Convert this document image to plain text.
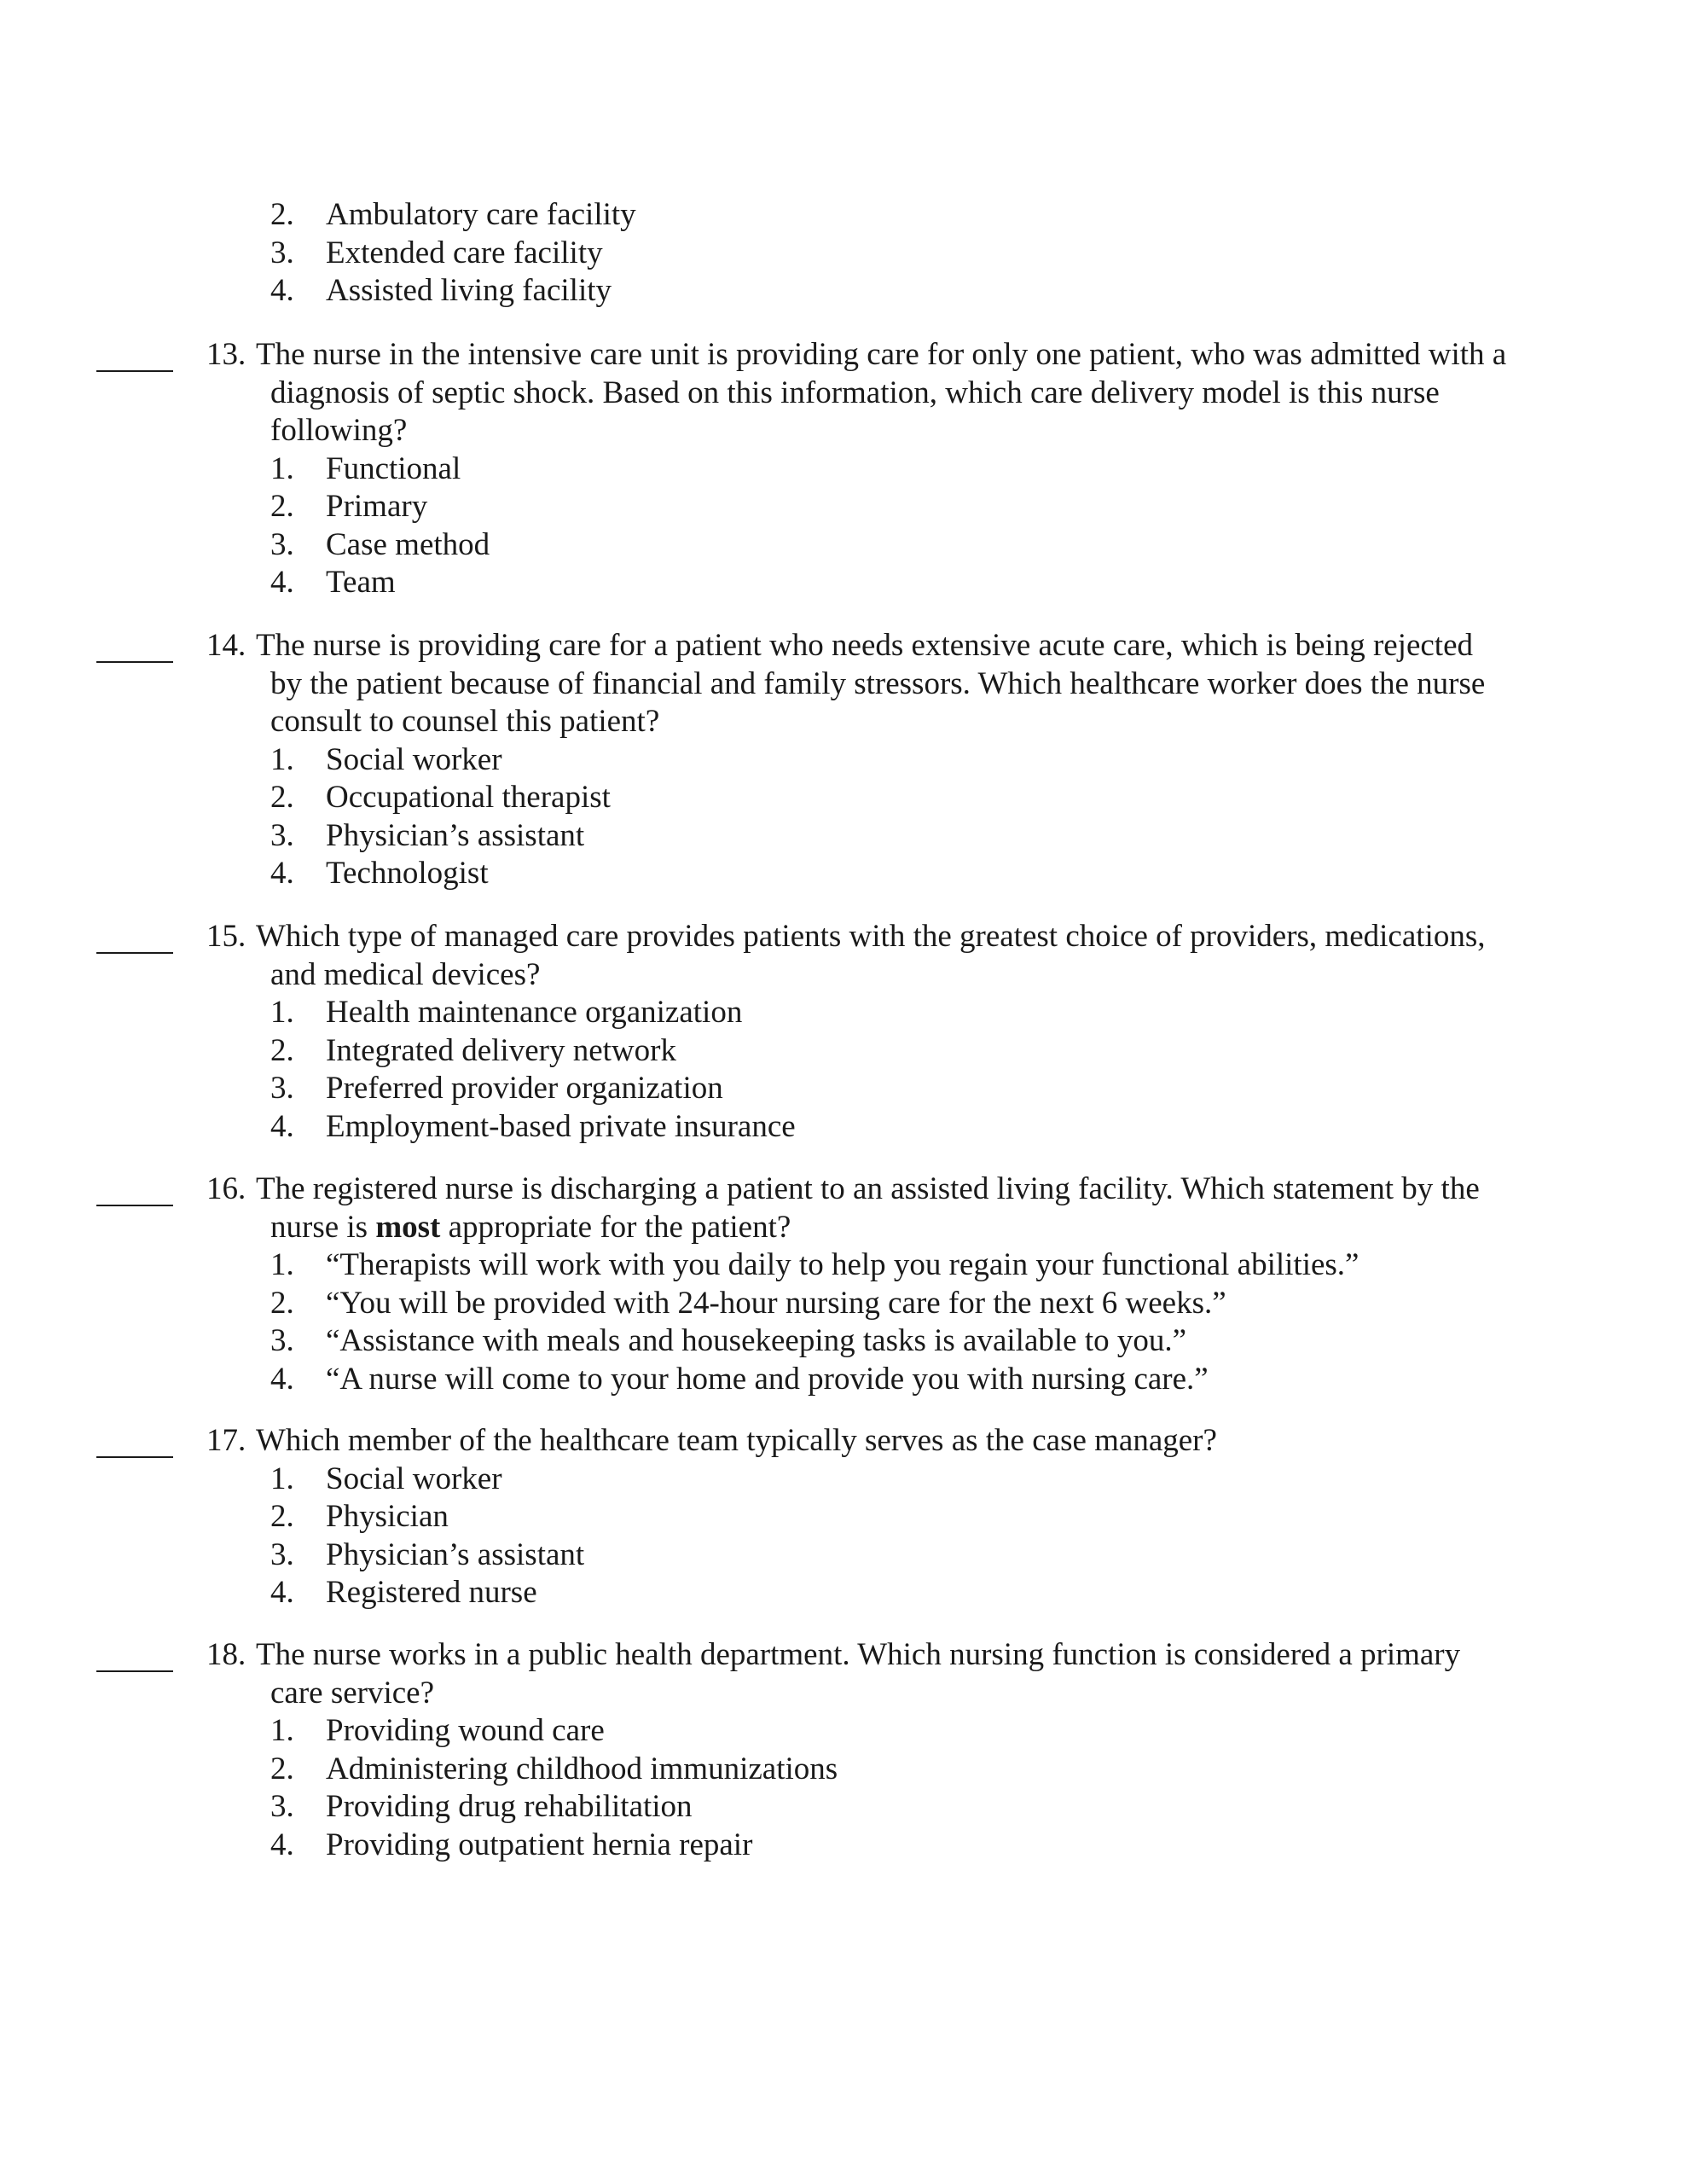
2. Ambulatory care facility
3. Extended care facility
4. Assisted living facility
13. The nurse in the intensive care unit is providing care for only one patient, who was admitted with a
diagnosis of septic shock. Based on this information, which care delivery model is this nurse
following?
1. Functional
2. Primary
3. Case method
4. Team
14. The nurse is providing care for a patient who needs extensive acute care, which is being rejected
by the patient because of financial and family stressors. Which healthcare worker does the nurse
consult to counsel this patient?
1. Social worker
2. Occupational therapist
3. Physician’s assistant
4. Technologist
15. Which type of managed care provides patients with the greatest choice of providers, medications,
and medical devices?
1. Health maintenance organization
2. Integrated delivery network
3. Preferred provider organization
4. Employment-based private insurance
16. The registered nurse is discharging a patient to an assisted living facility. Which statement by the
nurse is most appropriate for the patient?
1. “Therapists will work with you daily to help you regain your functional abilities.”
2. “You will be provided with 24-hour nursing care for the next 6 weeks.”
3. “Assistance with meals and housekeeping tasks is available to you.”
4. “A nurse will come to your home and provide you with nursing care.”
17. Which member of the healthcare team typically serves as the case manager?
1. Social worker
2. Physician
3. Physician’s assistant
4. Registered nurse
18. The nurse works in a public health department. Which nursing function is considered a primary
care service?
1. Providing wound care
2. Administering childhood immunizations
3. Providing drug rehabilitation
4. Providing outpatient hernia repair
